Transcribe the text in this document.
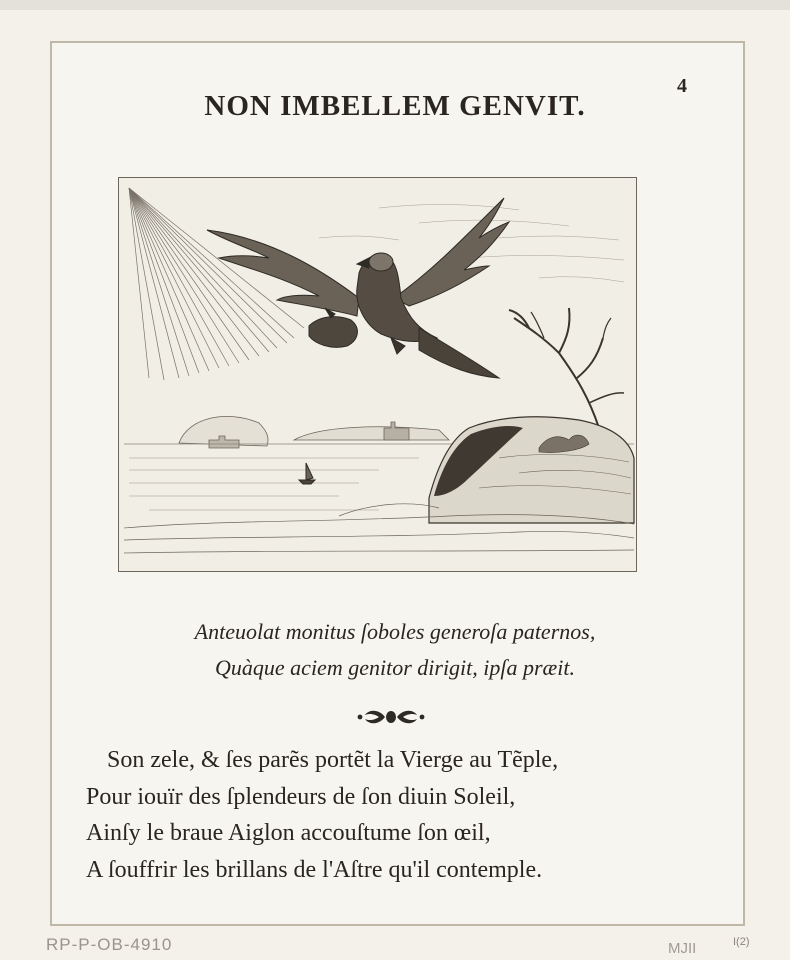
4
NON IMBELLEM GENVIT.
Anteuolat monitus ſoboles generoſa paternos,
Quàque aciem genitor dirigit, ipſa præit.
Son zele, & ſes parẽs portẽt la Vierge au Tẽple,
Pour iouïr des ſplendeurs de ſon diuin Soleil,
Ainſy le braue Aiglon accouſtume ſon œil,
A ſouffrir les brillans de l'Aſtre qu'il contemple.
RP-P-OB-4910	MJII	I(2)
